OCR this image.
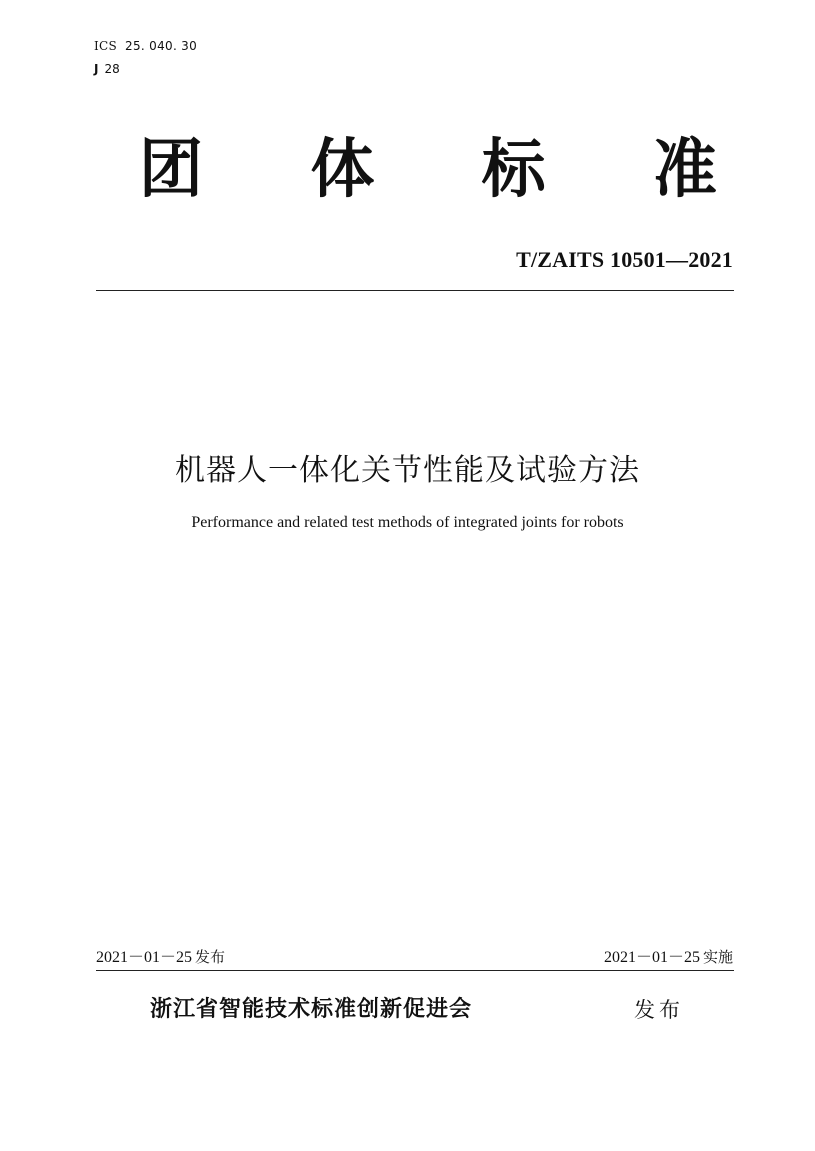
ICS 25. 040. 30
J 28
团 体 标 准
T/ZAITS 10501—2021
机器人一体化关节性能及试验方法
Performance and related test methods of integrated joints for robots
2021－01－25 发布	2021－01－25 实施
浙江省智能技术标准创新促进会	发布
